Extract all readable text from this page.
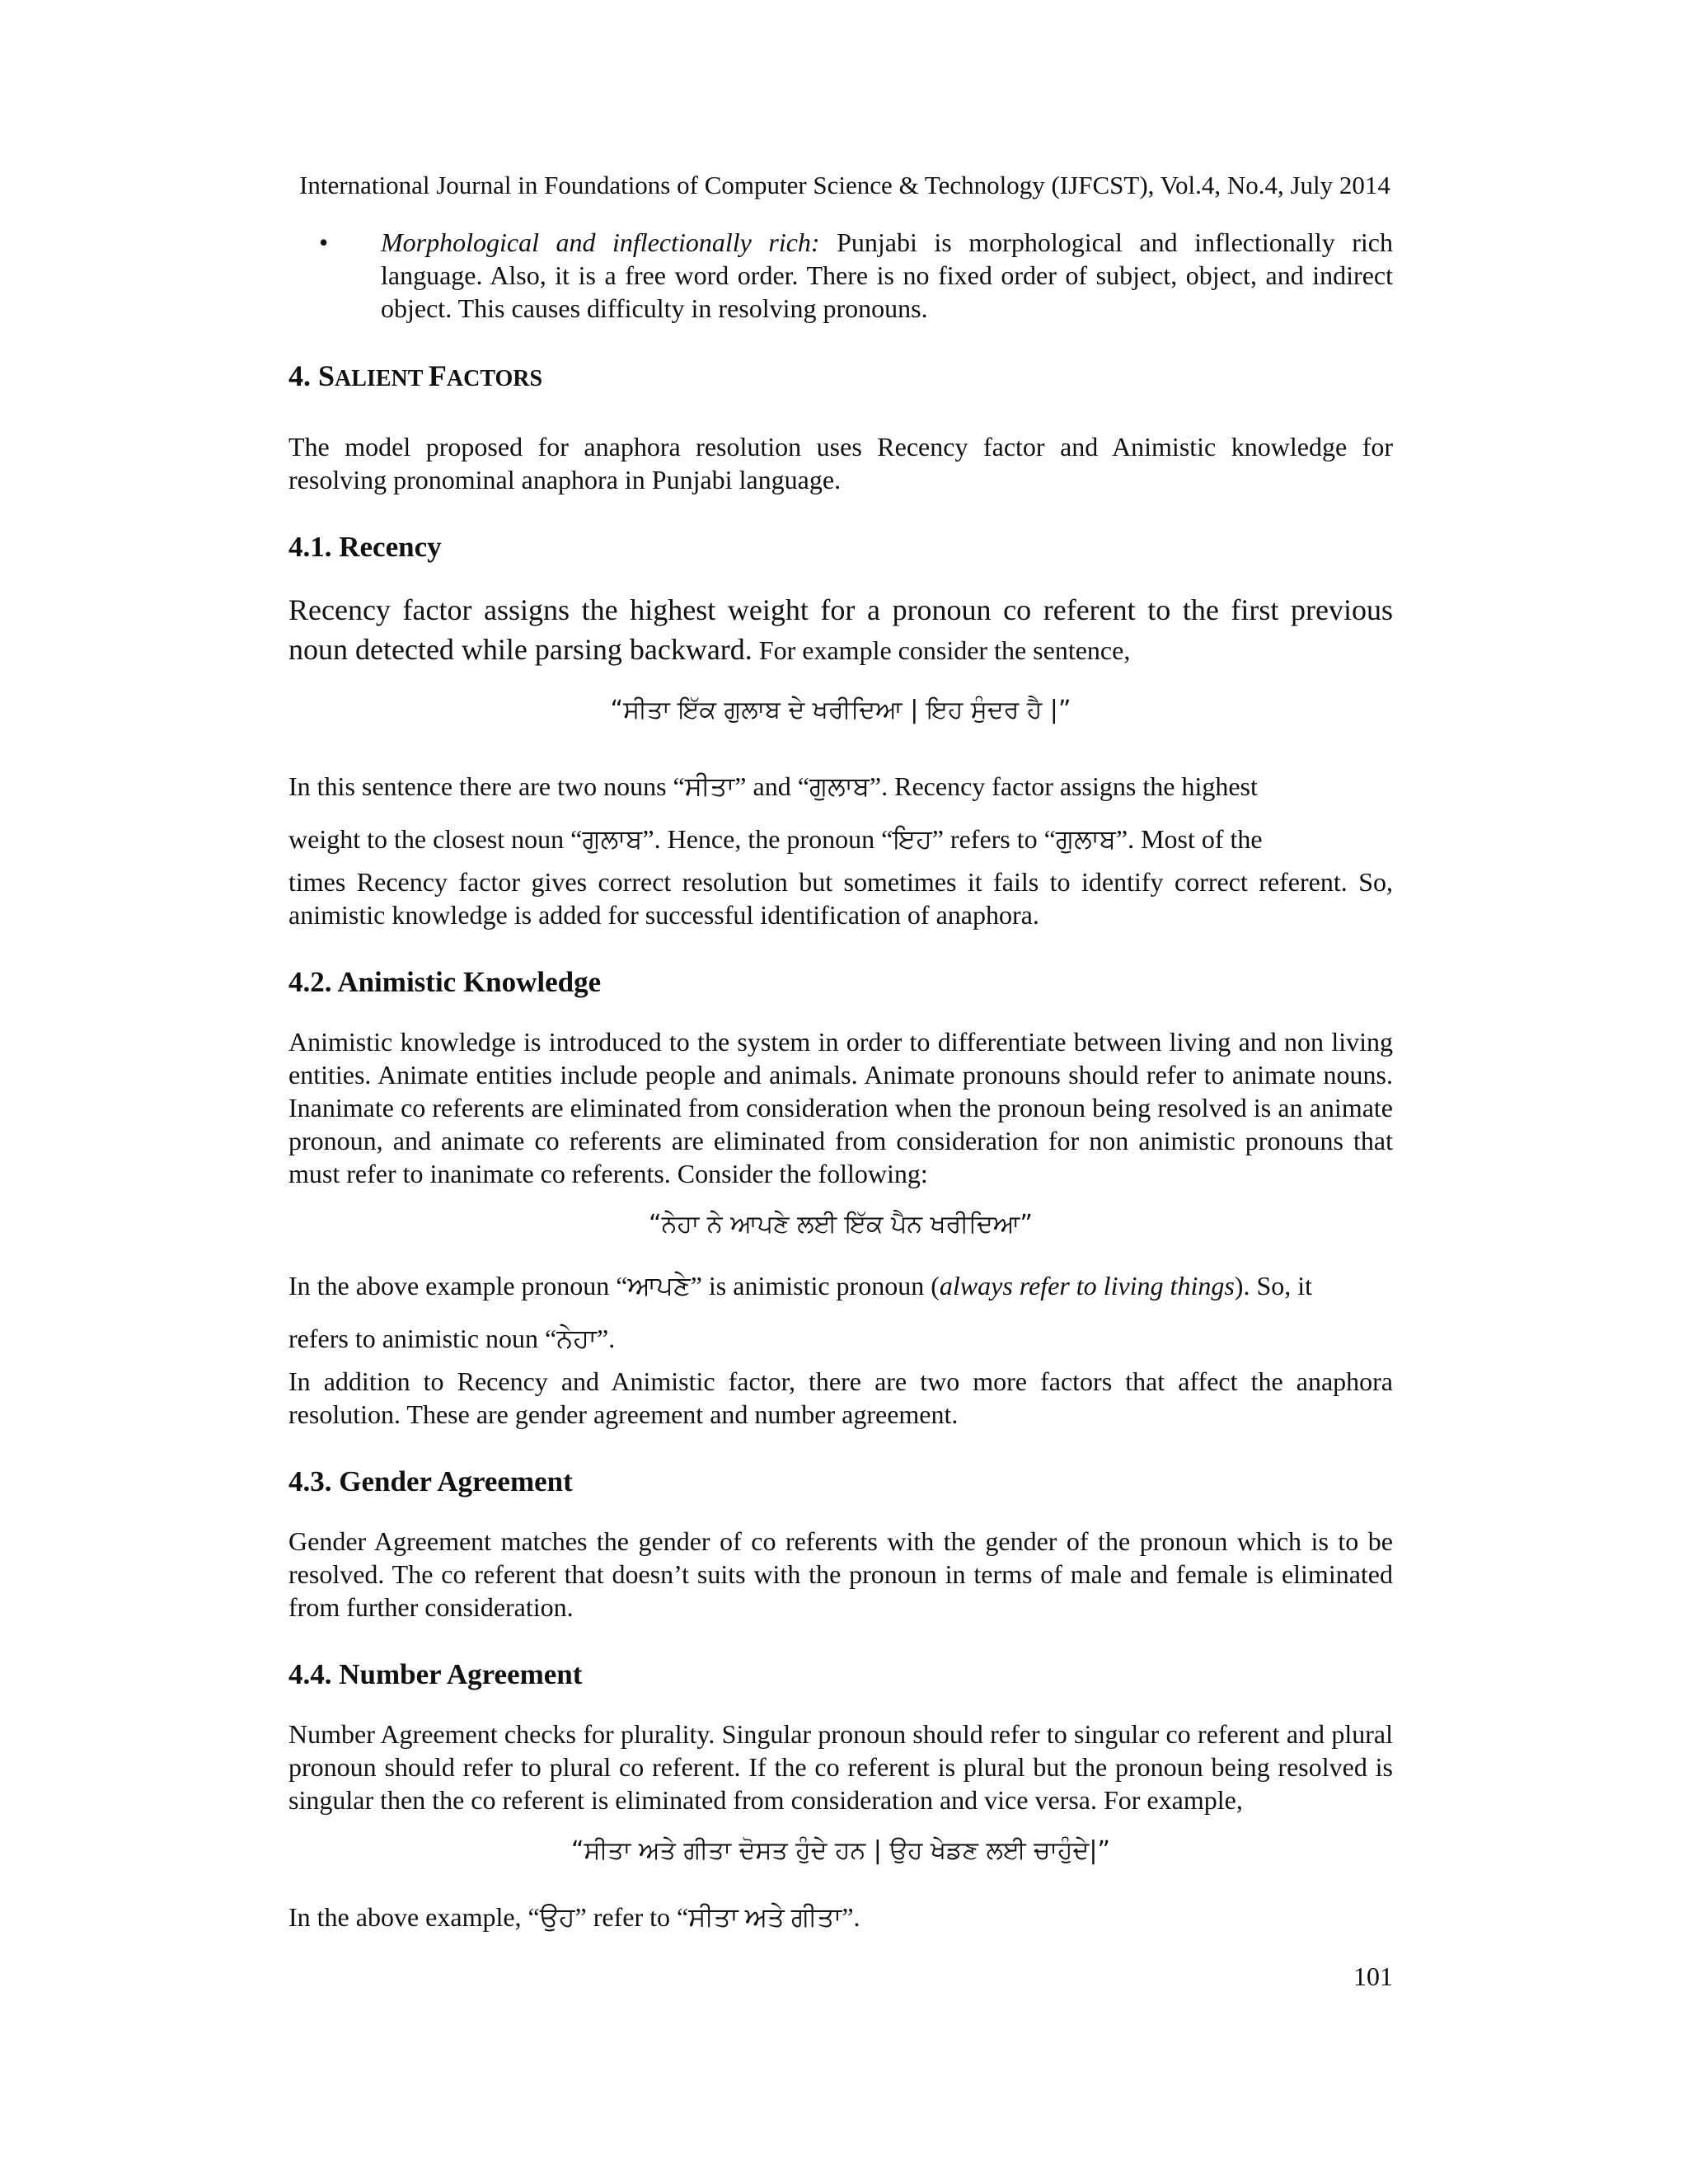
International Journal in Foundations of Computer Science & Technology (IJFCST), Vol.4, No.4, July 2014
• Morphological and inflectionally rich: Punjabi is morphological and inflectionally rich language. Also, it is a free word order. There is no fixed order of subject, object, and indirect object. This causes difficulty in resolving pronouns.
4. SALIENT FACTORS

The model proposed for anaphora resolution uses Recency factor and Animistic knowledge for resolving pronominal anaphora in Punjabi language.

4.1. Recency

Recency factor assigns the highest weight for a pronoun co referent to the first previous noun detected while parsing backward. For example consider the sentence,

“ਸੀਤਾ ਇੱਕ ਗੁਲਾਬ ਦੇ ਖਰੀਦਿਆ | ਇਹ ਸੁੰਦਰ ਹੈ |”

In this sentence there are two nouns “ਸੀਤਾ” and “ਗੁਲਾਬ”. Recency factor assigns the highest

weight to the closest noun “ਗੁਲਾਬ”. Hence, the pronoun “ਇਹ” refers to “ਗੁਲਾਬ”. Most of the

times Recency factor gives correct resolution but sometimes it fails to identify correct referent. So, animistic knowledge is added for successful identification of anaphora.

4.2. Animistic Knowledge

Animistic knowledge is introduced to the system in order to differentiate between living and non living entities. Animate entities include people and animals. Animate pronouns should refer to animate nouns. Inanimate co referents are eliminated from consideration when the pronoun being resolved is an animate pronoun, and animate co referents are eliminated from consideration for non animistic pronouns that must refer to inanimate co referents. Consider the following:

“ਨੇਹਾ ਨੇ ਆਪਣੇ ਲਈ ਇੱਕ ਪੈਨ ਖਰੀਦਿਆ”

In the above example pronoun “ਆਪਣੇ” is animistic pronoun (always refer to living things). So, it

refers to animistic noun “ਨੇਹਾ”.

In addition to Recency and Animistic factor, there are two more factors that affect the anaphora resolution. These are gender agreement and number agreement.

4.3. Gender Agreement

Gender Agreement matches the gender of co referents with the gender of the pronoun which is to be resolved. The co referent that doesn’t suits with the pronoun in terms of male and female is eliminated from further consideration.

4.4. Number Agreement

Number Agreement checks for plurality. Singular pronoun should refer to singular co referent and plural pronoun should refer to plural co referent. If the co referent is plural but the pronoun being resolved is singular then the co referent is eliminated from consideration and vice versa. For example,

“ਸੀਤਾ ਅਤੇ ਗੀਤਾ ਦੋਸਤ ਹੁੰਦੇ ਹਨ | ਉਹ ਖੇਡਣ ਲਈ ਚਾਹੁੰਦੇ|”

In the above example, “ਉਹ” refer to “ਸੀਤਾ ਅਤੇ ਗੀਤਾ”.

101
